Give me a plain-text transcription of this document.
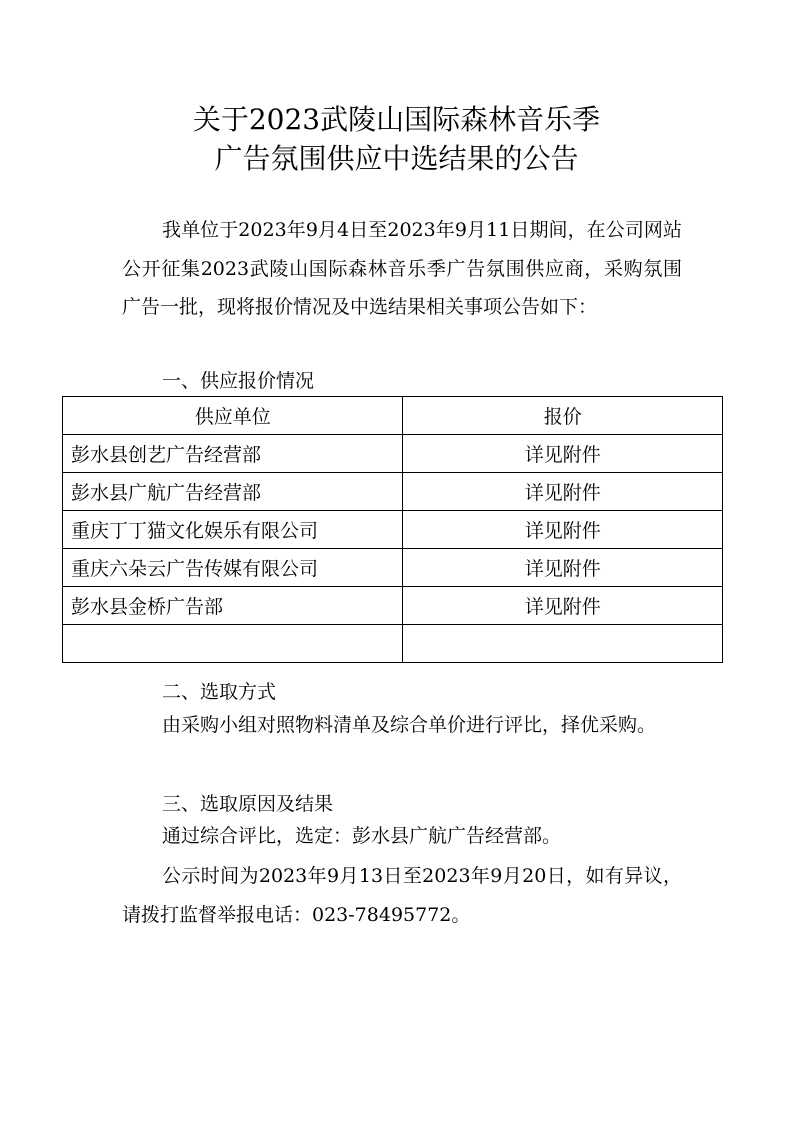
关于2023武陵山国际森林音乐季
广告氛围供应中选结果的公告
我单位于2023年9月4日至2023年9月11日期间，在公司网站公开征集2023武陵山国际森林音乐季广告氛围供应商，采购氛围广告一批，现将报价情况及中选结果相关事项公告如下：
一、供应报价情况
供应单位	报价
彭水县创艺广告经营部	详见附件
彭水县广航广告经营部	详见附件
重庆丁丁猫文化娱乐有限公司	详见附件
重庆六朵云广告传媒有限公司	详见附件
彭水县金桥广告部	详见附件

二、选取方式
由采购小组对照物料清单及综合单价进行评比，择优采购。
三、选取原因及结果
通过综合评比，选定：彭水县广航广告经营部。
公示时间为2023年9月13日至2023年9月20日，如有异议，请拨打监督举报电话：023-78495772。
